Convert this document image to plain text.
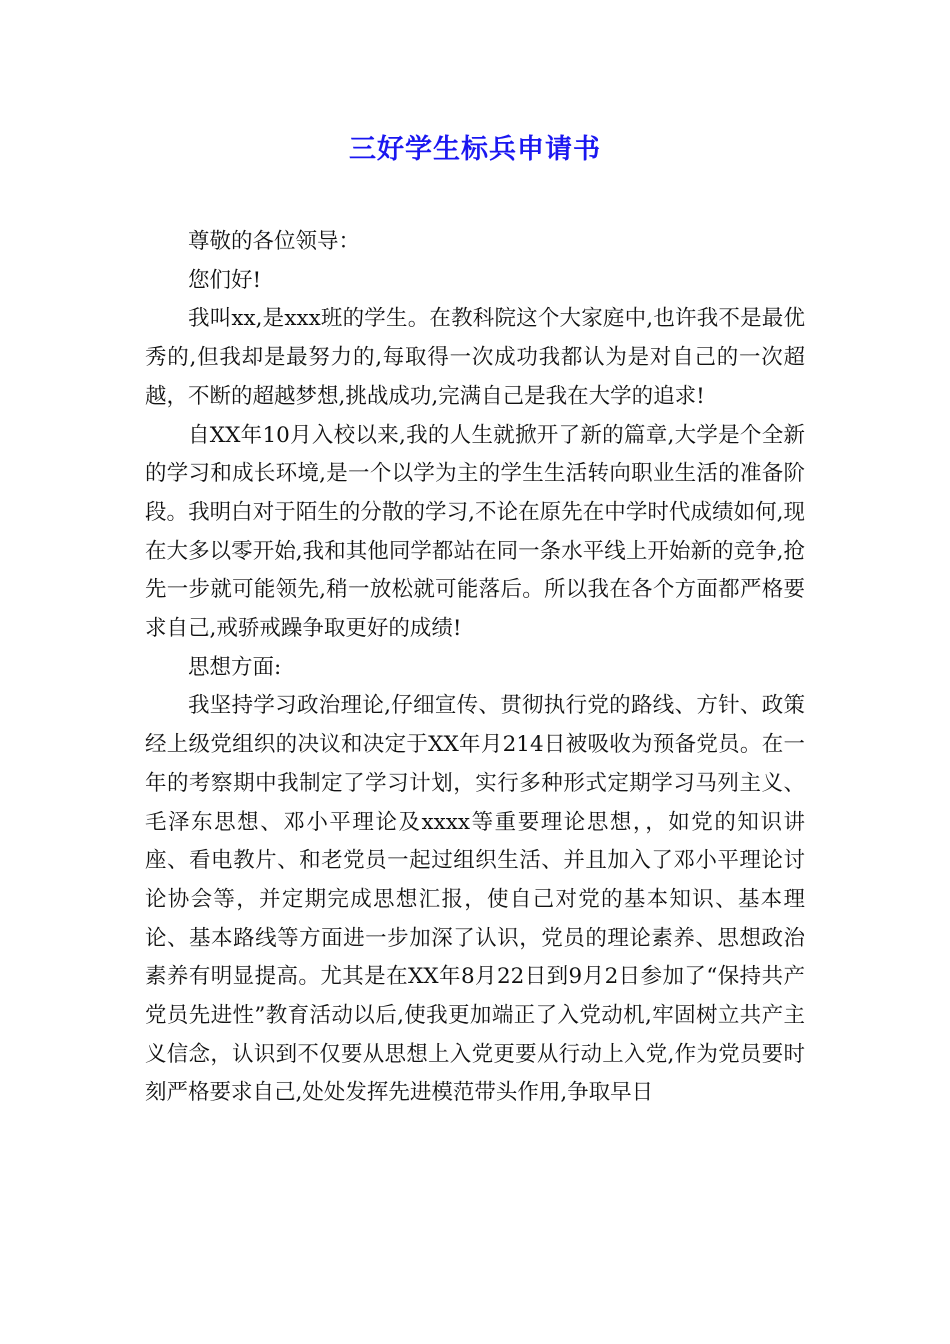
三好学生标兵申请书

尊敬的各位领导：

您们好!

我叫xx,是xxx班的学生。在教科院这个大家庭中,也许我不是最优秀的,但我却是最努力的,每取得一次成功我都认为是对自己的一次超越，不断的超越梦想,挑战成功,完满自己是我在大学的追求!

自XX年10月入校以来,我的人生就掀开了新的篇章,大学是个全新的学习和成长环境,是一个以学为主的学生生活转向职业生活的准备阶段。我明白对于陌生的分散的学习,不论在原先在中学时代成绩如何,现在大多以零开始,我和其他同学都站在同一条水平线上开始新的竞争,抢先一步就可能领先,稍一放松就可能落后。所以我在各个方面都严格要求自己,戒骄戒躁争取更好的成绩!

思想方面:

我坚持学习政治理论,仔细宣传、贯彻执行党的路线、方针、政策经上级党组织的决议和决定于XX年月214日被吸收为预备党员。在一年的考察期中我制定了学习计划，实行多种形式定期学习马列主义、毛泽东思想、邓小平理论及xxxx等重要理论思想，，如党的知识讲座、看电教片、和老党员一起过组织生活、并且加入了邓小平理论讨论协会等，并定期完成思想汇报，使自己对党的基本知识、基本理论、基本路线等方面进一步加深了认识，党员的理论素养、思想政治素养有明显提高。尤其是在XX年8月22日到9月2日参加了“保持共产党员先进性”教育活动以后,使我更加端正了入党动机,牢固树立共产主义信念，认识到不仅要从思想上入党更要从行动上入党,作为党员要时刻严格要求自己,处处发挥先进模范带头作用,争取早日
